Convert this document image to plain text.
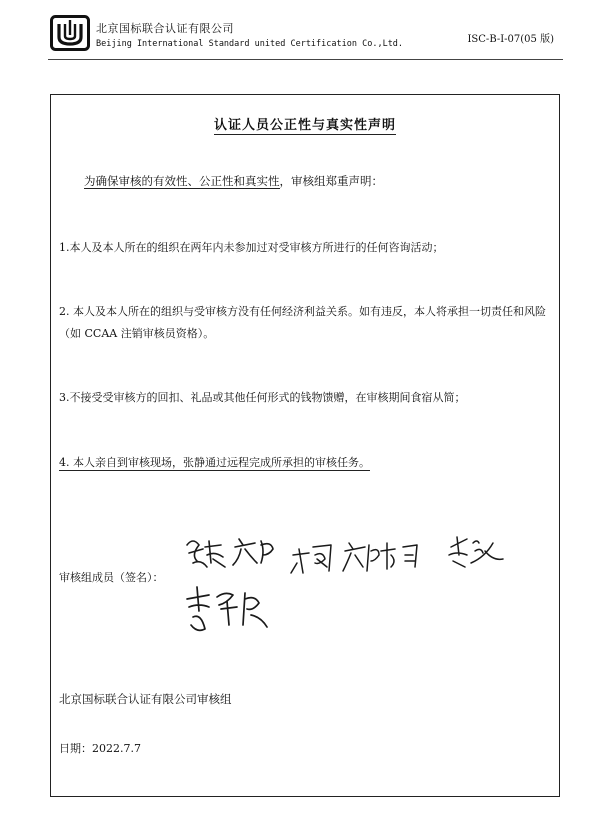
北京国标联合认证有限公司
Beijing International Standard united Certification Co.,Ltd.	ISC-B-I-07(05 版)
认证人员公正性与真实性声明
为确保审核的有效性、公正性和真实性，审核组郑重声明：
1.本人及本人所在的组织在两年内未参加过对受审核方所进行的任何咨询活动；
2. 本人及本人所在的组织与受审核方没有任何经济利益关系。如有违反，本人将承担一切责任和风险（如 CCAA 注销审核员资格）。
3.不接受受审核方的回扣、礼品或其他任何形式的钱物馈赠，在审核期间食宿从简；
4. 本人亲自到审核现场，张静通过远程完成所承担的审核任务。
审核组成员（签名）：
北京国标联合认证有限公司审核组
日期：2022.7.7
